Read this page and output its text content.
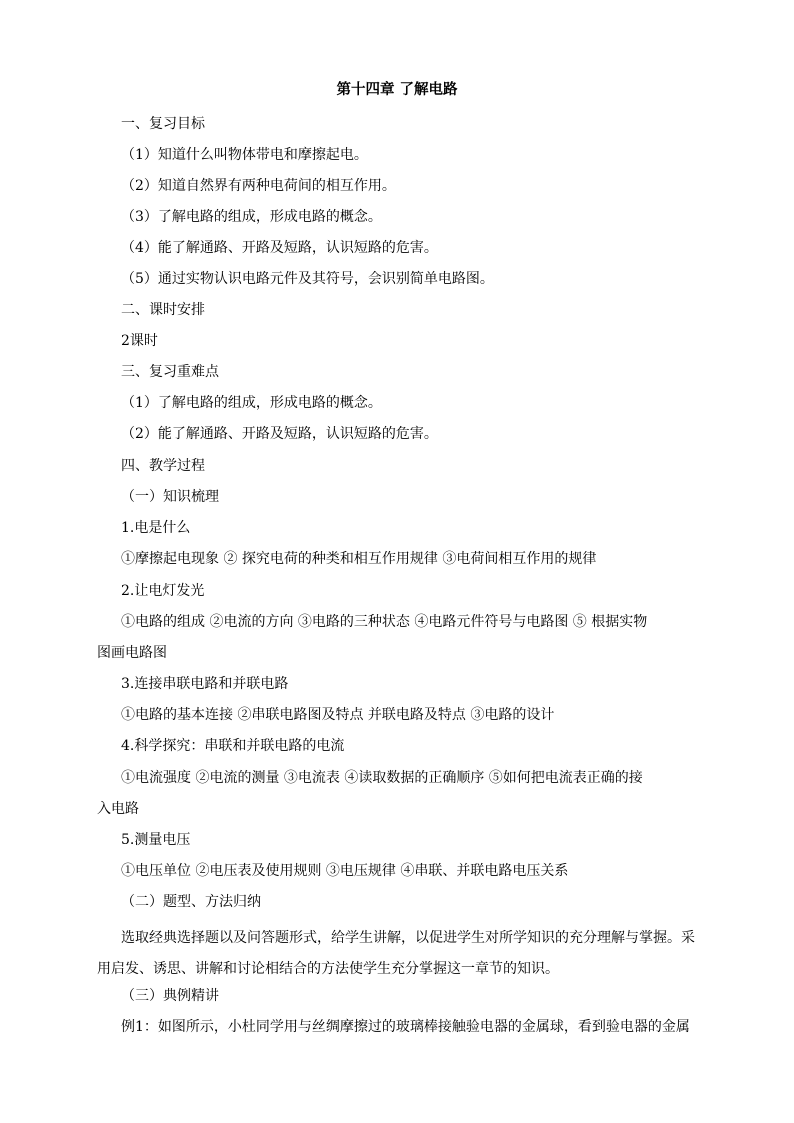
第十四章 了解电路
一、复习目标
（1）知道什么叫物体带电和摩擦起电。
（2）知道自然界有两种电荷间的相互作用。
（3）了解电路的组成，形成电路的概念。
（4）能了解通路、开路及短路，认识短路的危害。
（5）通过实物认识电路元件及其符号，会识别简单电路图。
二、课时安排
2课时
三、复习重难点
（1）了解电路的组成，形成电路的概念。
（2）能了解通路、开路及短路，认识短路的危害。
四、教学过程
（一）知识梳理
1.电是什么
①摩擦起电现象 ② 探究电荷的种类和相互作用规律 ③电荷间相互作用的规律
2.让电灯发光
①电路的组成 ②电流的方向 ③电路的三种状态 ④电路元件符号与电路图 ⑤ 根据实物
图画电路图
3.连接串联电路和并联电路
①电路的基本连接 ②串联电路图及特点 并联电路及特点 ③电路的设计
4.科学探究：串联和并联电路的电流
①电流强度 ②电流的测量 ③电流表 ④读取数据的正确顺序 ⑤如何把电流表正确的接
入电路
5.测量电压
①电压单位 ②电压表及使用规则 ③电压规律 ④串联、并联电路电压关系
（二）题型、方法归纳
选取经典选择题以及问答题形式，给学生讲解，以促进学生对所学知识的充分理解与掌握。采用启发、诱思、讲解和讨论相结合的方法使学生充分掌握这一章节的知识。
（三）典例精讲
例1：如图所示，小杜同学用与丝绸摩擦过的玻璃棒接触验电器的金属球，看到验电器的金属
